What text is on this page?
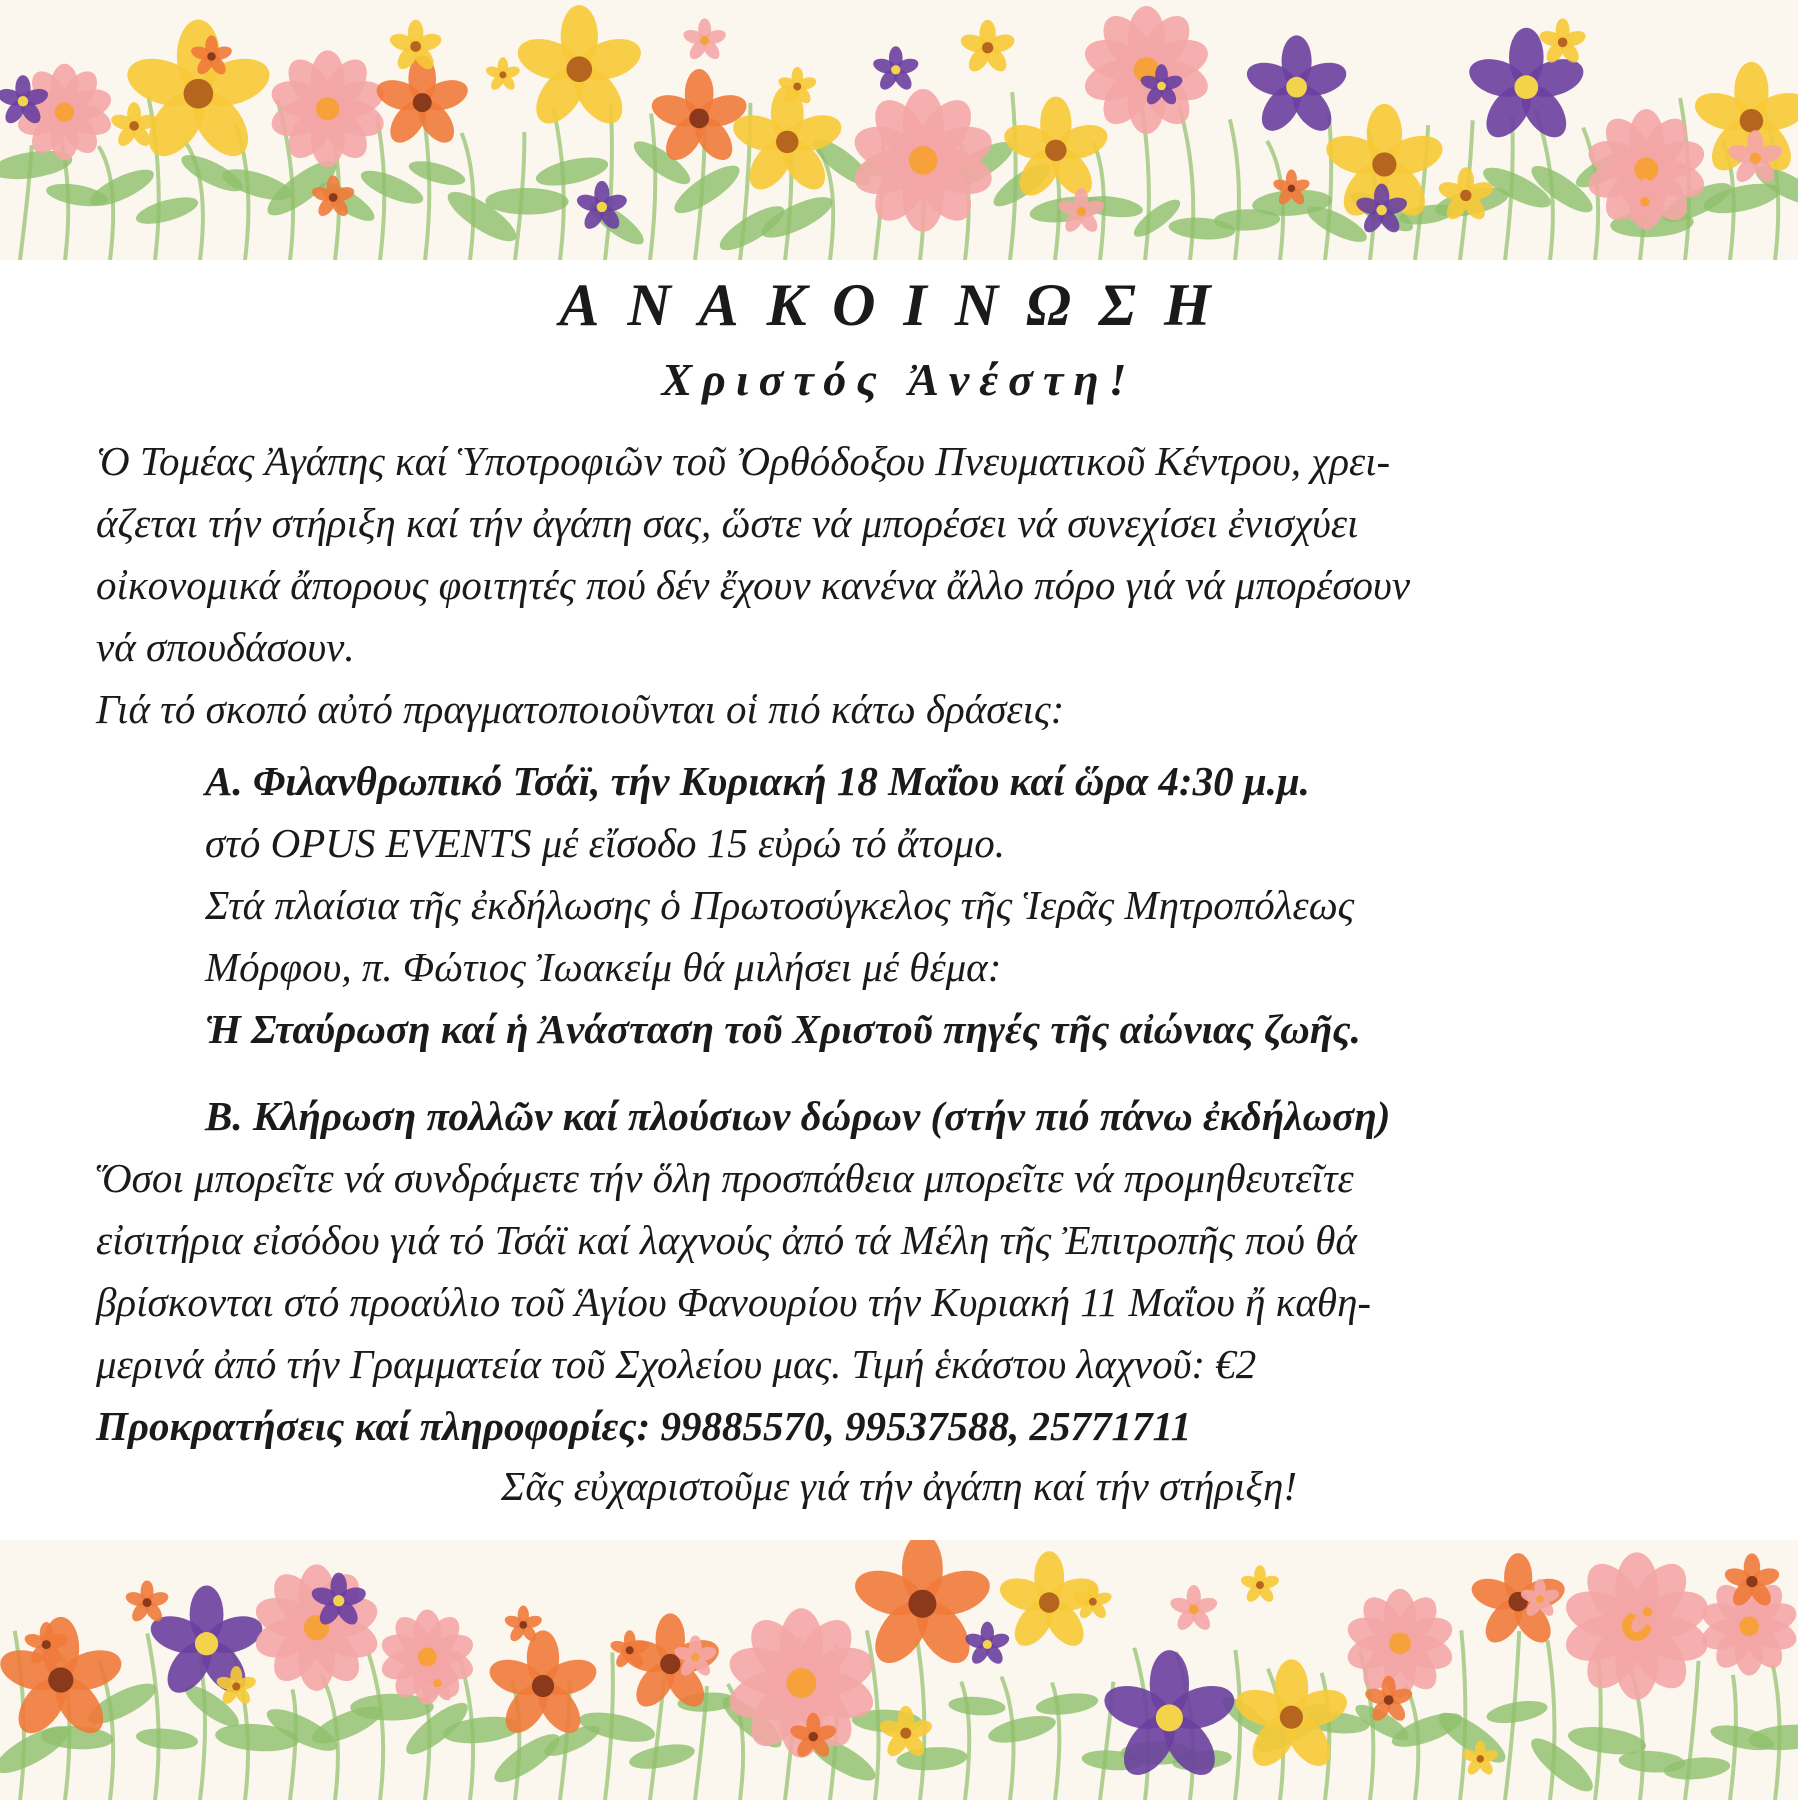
ΑΝΑΚΟΙΝΩΣΗ
Χριστός Ἀνέστη!
Ὁ Τομέας Ἀγάπης καί Ὑποτροφιῶν τοῦ Ὀρθόδοξου Πνευματικοῦ Κέντρου, χρει-
άζεται τήν στήριξη καί τήν ἀγάπη σας, ὥστε νά μπορέσει νά συνεχίσει ἐνισχύει
οἰκονομικά ἄπορους φοιτητές πού δέν ἔχουν κανένα ἄλλο πόρο γιά νά μπορέσουν
νά σπουδάσουν.
Γιά τό σκοπό αὐτό πραγματοποιοῦνται οἱ πιό κάτω δράσεις:
Α. Φιλανθρωπικό Τσάϊ, τήν Κυριακή 18 Μαΐου καί ὥρα 4:30 μ.μ.
στό OPUS EVENTS μέ εἴσοδο 15 εὐρώ τό ἄτομο.
Στά πλαίσια τῆς ἐκδήλωσης ὁ Πρωτοσύγκελος τῆς Ἱερᾶς Μητροπόλεως
Μόρφου, π. Φώτιος Ἰωακείμ θά μιλήσει μέ θέμα:
Ἡ Σταύρωση καί ἡ Ἀνάσταση τοῦ Χριστοῦ πηγές τῆς αἰώνιας ζωῆς.
Β. Κλήρωση πολλῶν καί πλούσιων δώρων (στήν πιό πάνω ἐκδήλωση)
Ὅσοι μπορεῖτε νά συνδράμετε τήν ὅλη προσπάθεια μπορεῖτε νά προμηθευτεῖτε
εἰσιτήρια εἰσόδου γιά τό Τσάϊ καί λαχνούς ἀπό τά Μέλη τῆς Ἐπιτροπῆς πού θά
βρίσκονται στό προαύλιο τοῦ Ἁγίου Φανουρίου τήν Κυριακή 11 Μαΐου ἤ καθη-
μερινά ἀπό τήν Γραμματεία τοῦ Σχολείου μας. Τιμή ἑκάστου λαχνοῦ: €2
Προκρατήσεις καί πληροφορίες: 99885570, 99537588, 25771711

Σᾶς εὐχαριστοῦμε γιά τήν ἀγάπη καί τήν στήριξη!
